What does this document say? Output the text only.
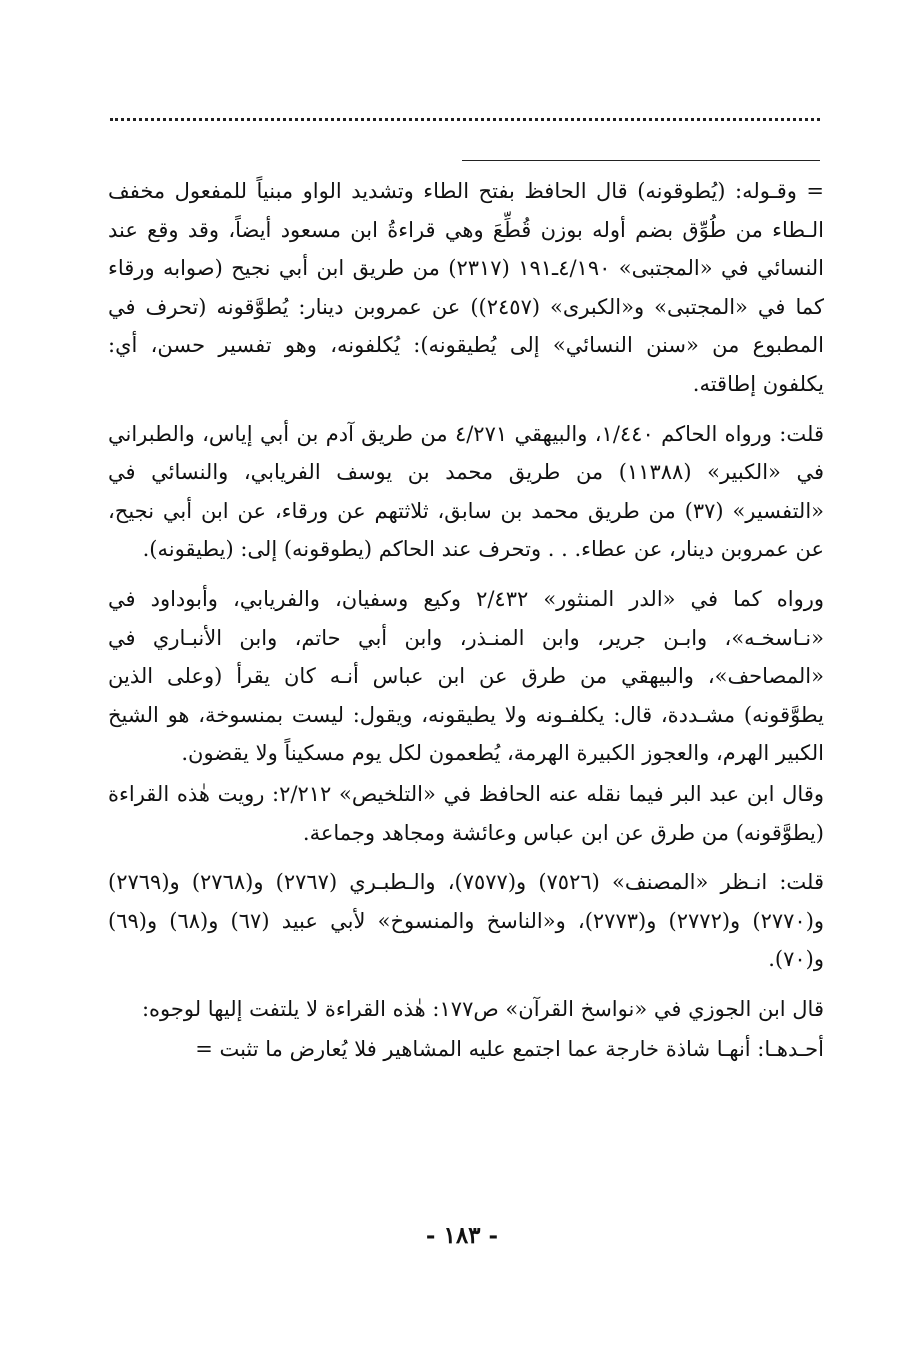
= وقـوله: (يُطوقونه) قال الحافظ بفتح الطاء وتشديد الواو مبنياً للمفعول مخفف الـطاء من طُوِّق بضم أوله بوزن قُطِّعَ وهي قراءةُ ابن مسعود أيضاً، وقد وقع عند النسائي في «المجتبى» ٤/١٩٠ـ١٩١ (٢٣١٧) من طريق ابن أبي نجيح (صوابه ورقاء كما في «المجتبى» و«الكبرى» (٢٤٥٧)) عن عمروبن دينار: يُطوَّقونه (تحرف في المطبوع من «سنن النسائي» إلى يُطيقونه): يُكلفونه، وهو تفسير حسن، أي: يكلفون إطاقته.

قلت: ورواه الحاكم ١/٤٤٠، والبيهقي ٤/٢٧١ من طريق آدم بن أبي إياس، والطبراني في «الكبير» (١١٣٨٨) من طريق محمد بن يوسف الفريابي، والنسائي في «التفسير» (٣٧) من طريق محمد بن سابق، ثلاثتهم عن ورقاء، عن ابن أبي نجيح، عن عمروبن دينار، عن عطاء. . . وتحرف عند الحاكم (يطوقونه) إلى: (يطيقونه).

ورواه كما في «الدر المنثور» ٢/٤٣٢ وكيع وسفيان، والفريابي، وأبوداود في «نـاسخـه»، وابـن جرير، وابن المنـذر، وابن أبي حاتم، وابن الأنبـاري في «المصاحف»، والبيهقي من طرق عن ابن عباس أنـه كان يقرأ (وعلى الذين يطوَّقونه) مشـددة، قال: يكلفـونه ولا يطيقونه، ويقول: ليست بمنسوخة، هو الشيخ الكبير الهرم، والعجوز الكبيرة الهرمة، يُطعمون لكل يوم مسكيناً ولا يقضون.

وقال ابن عبد البر فيما نقله عنه الحافظ في «التلخيص» ٢/٢١٢: رويت هٰذه القراءة (يطوَّقونه) من طرق عن ابن عباس وعائشة ومجاهد وجماعة.

قلت: انـظر «المصنف» (٧٥٢٦) و(٧٥٧٧)، والـطبـري (٢٧٦٧) و(٢٧٦٨) و(٢٧٦٩) و(٢٧٧٠) و(٢٧٧٢) و(٢٧٧٣)، و«الناسخ والمنسوخ» لأبي عبيد (٦٧) و(٦٨) و(٦٩) و(٧٠).

قال ابن الجوزي في «نواسخ القرآن» ص١٧٧: هٰذه القراءة لا يلتفت إليها لوجوه:

أحـدهـا: أنهـا شاذة خارجة عما اجتمع عليه المشاهير فلا يُعارض ما تثبت =

- ١٨٣ -
